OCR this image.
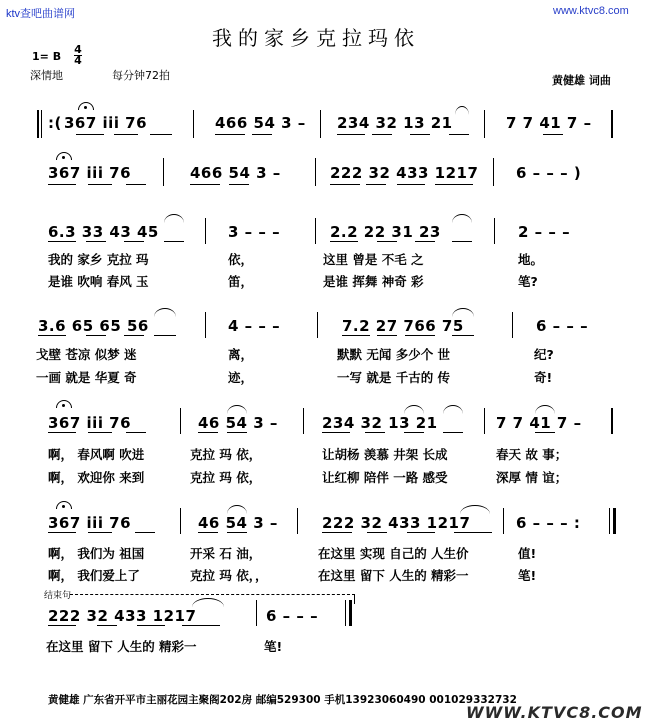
ktv查吧曲谱网	www.ktvc8.com
我的家乡克拉玛依
1= B
4
4
深情地	每分钟72拍	黄健雄 词曲
:( 367 i̇i̇i̇ 76	466 54 3 – 234 32 13 21	7 7 41 7 –
367 i̇i̇i̇ 76	466 54 3 –	222 32 433 1217	6 – – – )
6.3 33 43 45	3 – – –	2.2 22 31 23	2 – – –
我的 家乡 克拉 玛	依，	这里 曾是 不毛 之	地。
是谁 吹响 春风 玉	笛，	是谁 挥舞 神奇 彩	笔?
3.6 65 65 56	4 – – –	7.2 27 766 75	6 – – –
戈壁 苍凉 似梦 迷	离，	默默 无闻 多少个 世	纪?
一画 就是 华夏 奇	迹，	一写 就是 千古的 传	奇!
367 i̇i̇i̇ 76	46 54 3 –	234 32 13 21	7 7 41 7 –
啊， 春风啊 吹进	克拉 玛 依，	让胡杨 羡慕 井架 长成	春天 故 事；
啊， 欢迎你 来到	克拉 玛 依，	让红柳 陪伴 一路 感受	深厚 情 谊；
367 i̇i̇i̇ 76	46 54 3 –	222 32 433 1217	6 – – – :
啊， 我们为 祖国	开采 石 油，	在这里 实现 自己的 人生价	值!
啊， 我们爱上了	克拉 玛 依，，	在这里 留下 人生的 精彩一	笔!
结束句
222 32 433 1217	6 – – –
在这里 留下 人生的 精彩一	笔!
黄健雄 广东省开平市主丽花园主聚阁202房 邮编529300 手机13923060490 001029332732
WWW.KTVC8.COM
